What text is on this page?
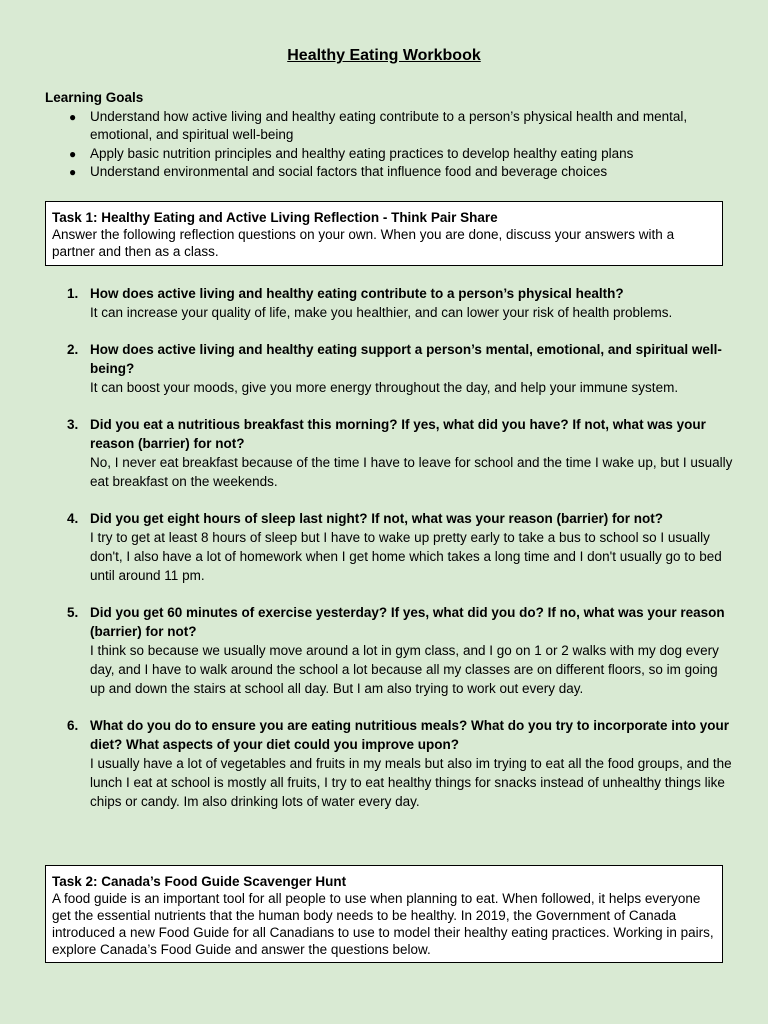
Healthy Eating Workbook
Learning Goals
● Understand how active living and healthy eating contribute to a person’s physical health and mental, emotional, and spiritual well-being
● Apply basic nutrition principles and healthy eating practices to develop healthy eating plans
● Understand environmental and social factors that influence food and beverage choices
Task 1: Healthy Eating and Active Living Reflection - Think Pair Share
Answer the following reflection questions on your own. When you are done, discuss your answers with a partner and then as a class.
1. How does active living and healthy eating contribute to a person’s physical health?
It can increase your quality of life, make you healthier, and can lower your risk of health problems.
2. How does active living and healthy eating support a person’s mental, emotional, and spiritual well-being?
It can boost your moods, give you more energy throughout the day, and help your immune system.
3. Did you eat a nutritious breakfast this morning? If yes, what did you have? If not, what was your reason (barrier) for not?
No, I never eat breakfast because of the time I have to leave for school and the time I wake up, but I usually eat breakfast on the weekends.
4. Did you get eight hours of sleep last night? If not, what was your reason (barrier) for not?
I try to get at least 8 hours of sleep but I have to wake up pretty early to take a bus to school so I usually don't, I also have a lot of homework when I get home which takes a long time and I don't usually go to bed until around 11 pm.
5. Did you get 60 minutes of exercise yesterday? If yes, what did you do? If no, what was your reason (barrier) for not?
I think so because we usually move around a lot in gym class, and I go on 1 or 2 walks with my dog every day, and I have to walk around the school a lot because all my classes are on different floors, so im going up and down the stairs at school all day. But I am also trying to work out every day.
6. What do you do to ensure you are eating nutritious meals? What do you try to incorporate into your diet? What aspects of your diet could you improve upon?
I usually have a lot of vegetables and fruits in my meals but also im trying to eat all the food groups, and the lunch I eat at school is mostly all fruits, I try to eat healthy things for snacks instead of unhealthy things like chips or candy. Im also drinking lots of water every day.
Task 2: Canada’s Food Guide Scavenger Hunt
A food guide is an important tool for all people to use when planning to eat. When followed, it helps everyone get the essential nutrients that the human body needs to be healthy. In 2019, the Government of Canada introduced a new Food Guide for all Canadians to use to model their healthy eating practices. Working in pairs, explore Canada’s Food Guide and answer the questions below.
